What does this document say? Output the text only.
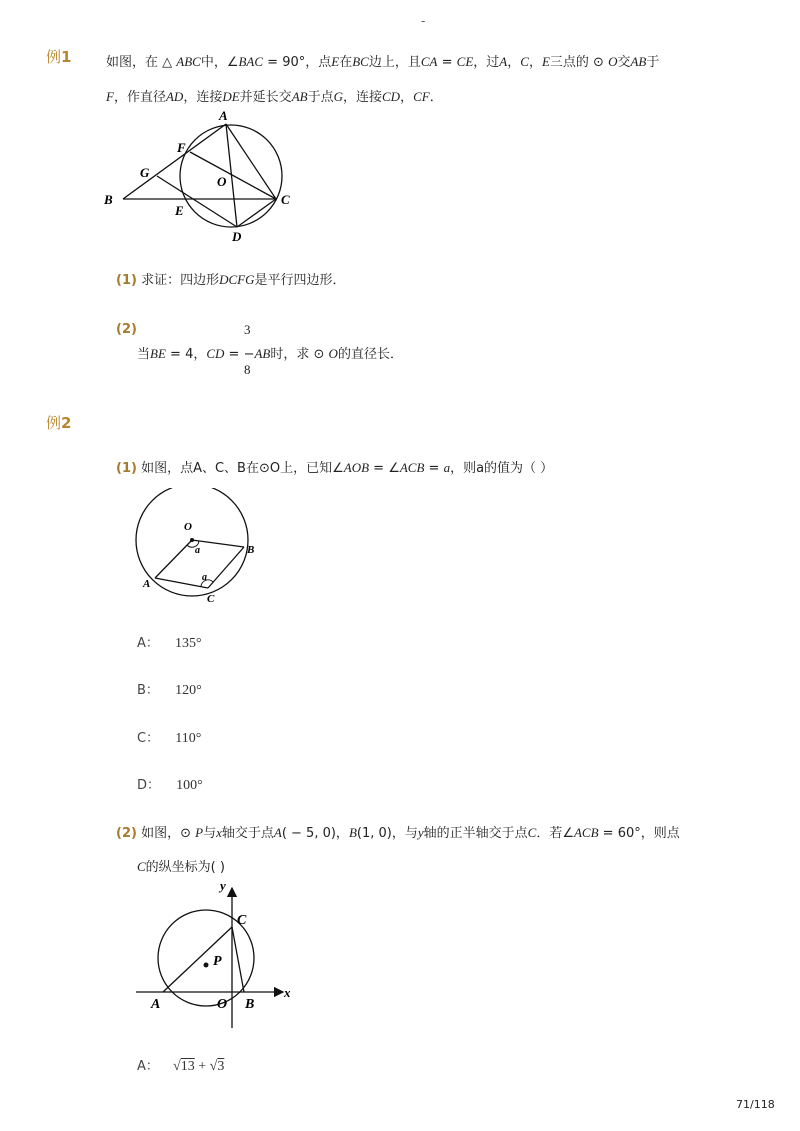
-
例1	如图，在 △ ABC中，∠BAC = 90°，点E在BC边上，且CA = CE，过A，C，E三点的 ⊙ O交AB于
F，作直径AD，连接DE并延长交AB于点G，连接CD，CF．
A
F
G
O
B
E
C
D
(1) 求证：四边形DCFG是平行四边形．
(2)	3
当BE = 4，CD = −AB时，求 ⊙ O的直径长．
8
例2
(1) 如图，点A、C、B在⊙O上，已知∠AOB = ∠ACB = a，则a的值为（ ）
O
a	B
a
A
C
A： 135°
B： 120°
C： 110°
D： 100°
(2) 如图，⊙ P与x轴交于点A( − 5, 0)，B(1, 0)，与y轴的正半轴交于点C．若∠ACB = 60°，则点
C的纵坐标为( )
y
C
P
x
A	O B
A： √13 + √3
71/118
